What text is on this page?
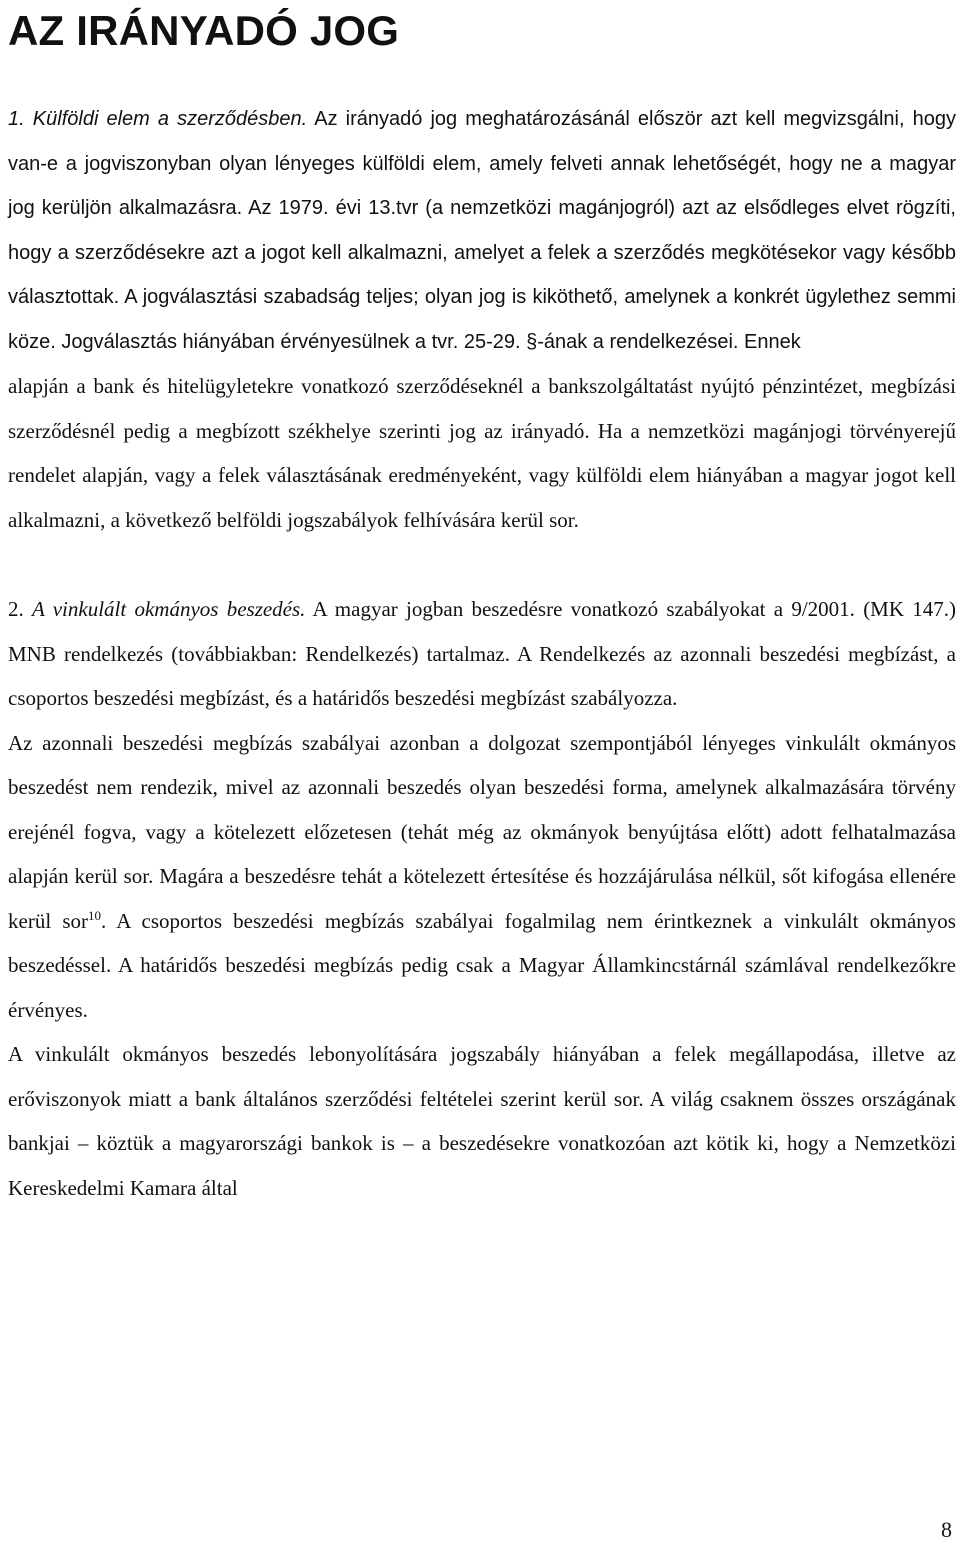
AZ IRÁNYADÓ JOG

1. Külföldi elem a szerződésben. Az irányadó jog meghatározásánál először azt kell megvizsgálni, hogy van-e a jogviszonyban olyan lényeges külföldi elem, amely felveti annak lehetőségét, hogy ne a magyar jog kerüljön alkalmazásra. Az 1979. évi 13.tvr (a nemzetközi magánjogról) azt az elsődleges elvet rögzíti, hogy a szerződésekre azt a jogot kell alkalmazni, amelyet a felek a szerződés megkötésekor vagy később választottak. A jogválasztási szabadság teljes; olyan jog is kiköthető, amelynek a konkrét ügylethez semmi köze. Jogválasztás hiányában érvényesülnek a tvr. 25-29. §-ának a rendelkezései. Ennek

alapján a bank és hitelügyletekre vonatkozó szerződéseknél a bankszolgáltatást nyújtó pénzintézet, megbízási szerződésnél pedig a megbízott székhelye szerinti jog az irányadó. Ha a nemzetközi magánjogi törvényerejű rendelet alapján, vagy a felek választásának eredményeként, vagy külföldi elem hiányában a magyar jogot kell alkalmazni, a következő belföldi jogszabályok felhívására kerül sor.

2. A vinkulált okmányos beszedés. A magyar jogban beszedésre vonatkozó szabályokat a 9/2001. (MK 147.) MNB rendelkezés (továbbiakban: Rendelkezés) tartalmaz. A Rendelkezés az azonnali beszedési megbízást, a csoportos beszedési megbízást, és a határidős beszedési megbízást szabályozza.

Az azonnali beszedési megbízás szabályai azonban a dolgozat szempontjából lényeges vinkulált okmányos beszedést nem rendezik, mivel az azonnali beszedés olyan beszedési forma, amelynek alkalmazására törvény erejénél fogva, vagy a kötelezett előzetesen (tehát még az okmányok benyújtása előtt) adott felhatalmazása alapján kerül sor. Magára a beszedésre tehát a kötelezett értesítése és hozzájárulása nélkül, sőt kifogása ellenére kerül sor$^{10}$. A csoportos beszedési megbízás szabályai fogalmilag nem érintkeznek a vinkulált okmányos beszedéssel. A határidős beszedési megbízás pedig csak a Magyar Államkincstárnál számlával rendelkezőkre érvényes.

A vinkulált okmányos beszedés lebonyolítására jogszabály hiányában a felek megállapodása, illetve az erőviszonyok miatt a bank általános szerződési feltételei szerint kerül sor. A világ csaknem összes országának bankjai – köztük a magyarországi bankok is – a beszedésekre vonatkozóan azt kötik ki, hogy a Nemzetközi Kereskedelmi Kamara által

8
